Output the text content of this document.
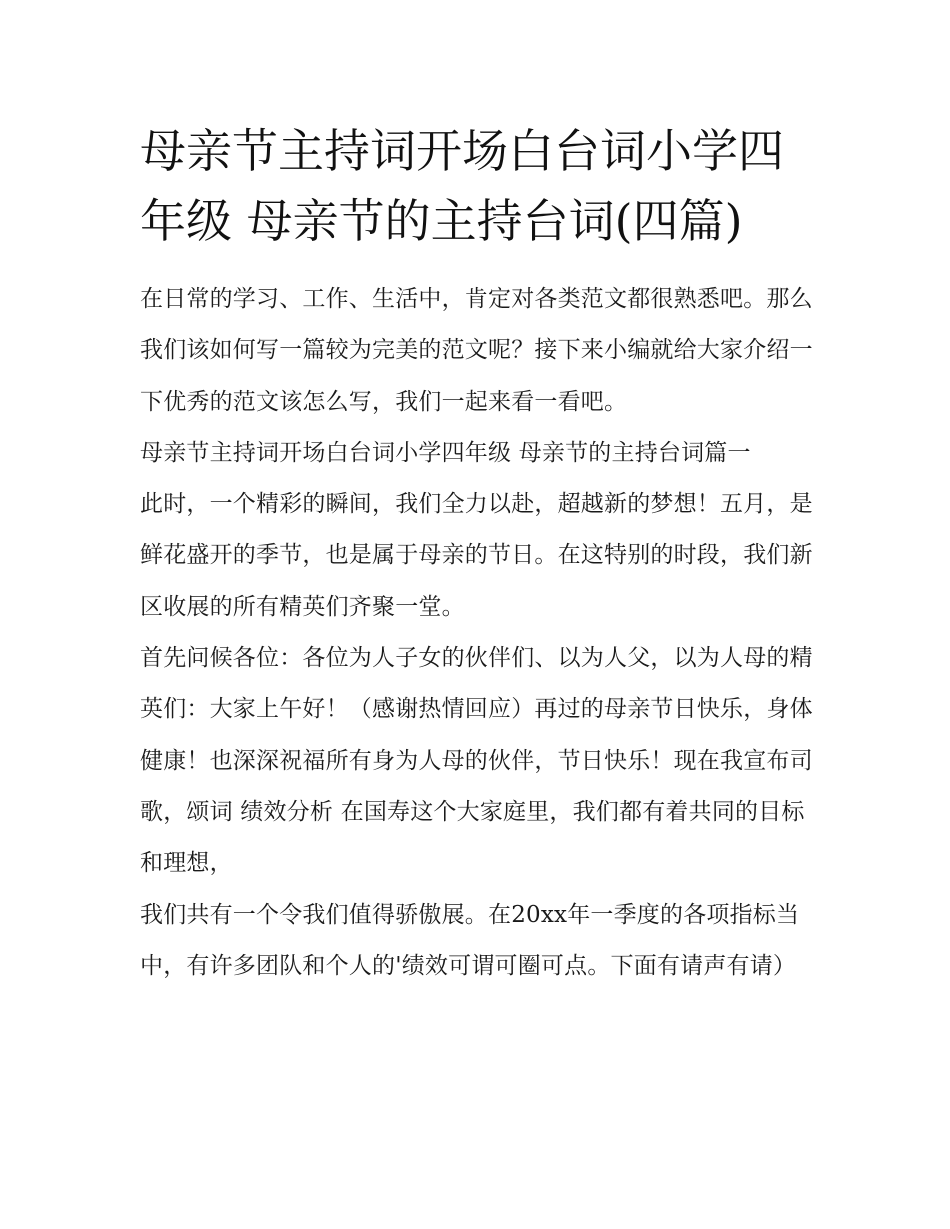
母亲节主持词开场白台词小学四年级 母亲节的主持台词(四篇)

在日常的学习、工作、生活中，肯定对各类范文都很熟悉吧。那么我们该如何写一篇较为完美的范文呢？接下来小编就给大家介绍一下优秀的范文该怎么写，我们一起来看一看吧。

母亲节主持词开场白台词小学四年级 母亲节的主持台词篇一

此时，一个精彩的瞬间，我们全力以赴，超越新的梦想！五月，是鲜花盛开的季节，也是属于母亲的节日。在这特别的时段，我们新区收展的所有精英们齐聚一堂。

首先问候各位：各位为人子女的伙伴们、以为人父，以为人母的精英们：大家上午好！（感谢热情回应）再过的母亲节日快乐，身体健康！也深深祝福所有身为人母的伙伴，节日快乐！现在我宣布司歌，颂词 绩效分析 在国寿这个大家庭里，我们都有着共同的目标和理想，

我们共有一个令我们值得骄傲展。在20xx年一季度的各项指标当中，有许多团队和个人的'绩效可谓可圈可点。下面有请声有请）
